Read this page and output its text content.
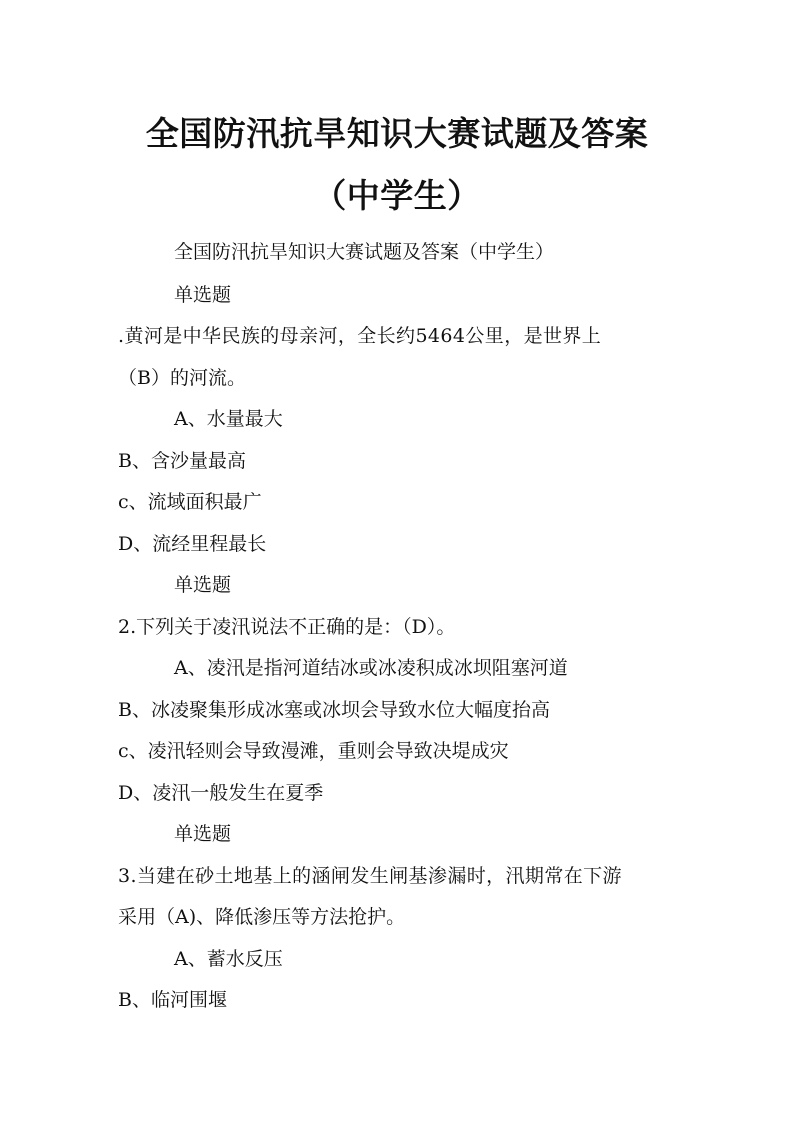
全国防汛抗旱知识大赛试题及答案
（中学生）
全国防汛抗旱知识大赛试题及答案（中学生）
单选题
.黄河是中华民族的母亲河，全长约5464公里，是世界上
（B）的河流。
A、水量最大
B、含沙量最高
c、流域面积最广
D、流经里程最长
单选题
2.下列关于凌汛说法不正确的是：（D）。
A、凌汛是指河道结冰或冰凌积成冰坝阻塞河道
B、冰凌聚集形成冰塞或冰坝会导致水位大幅度抬高
c、凌汛轻则会导致漫滩，重则会导致决堤成灾
D、凌汛一般发生在夏季
单选题
3.当建在砂土地基上的涵闸发生闸基渗漏时，汛期常在下游
采用（A)、降低渗压等方法抢护。
A、蓄水反压
B、临河围堰
